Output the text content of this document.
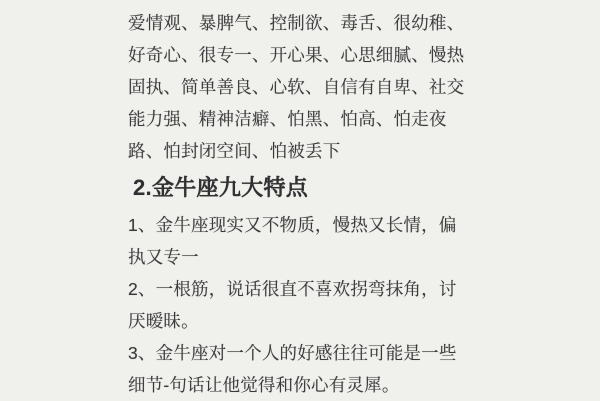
爱情观、暴脾气、控制欲、毒舌、很幼稚、
好奇心、很专一、开心果、心思细腻、慢热
固执、简单善良、心软、自信有自卑、社交
能力强、精神洁癖、怕黑、怕高、怕走夜
路、怕封闭空间、怕被丢下
2.金牛座九大特点
1、金牛座现实又不物质，慢热又长情，偏
执又专一
2、一根筋，说话很直不喜欢拐弯抹角，讨
厌暧昧。
3、金牛座对一个人的好感往往可能是一些
细节-句话让他觉得和你心有灵犀。
